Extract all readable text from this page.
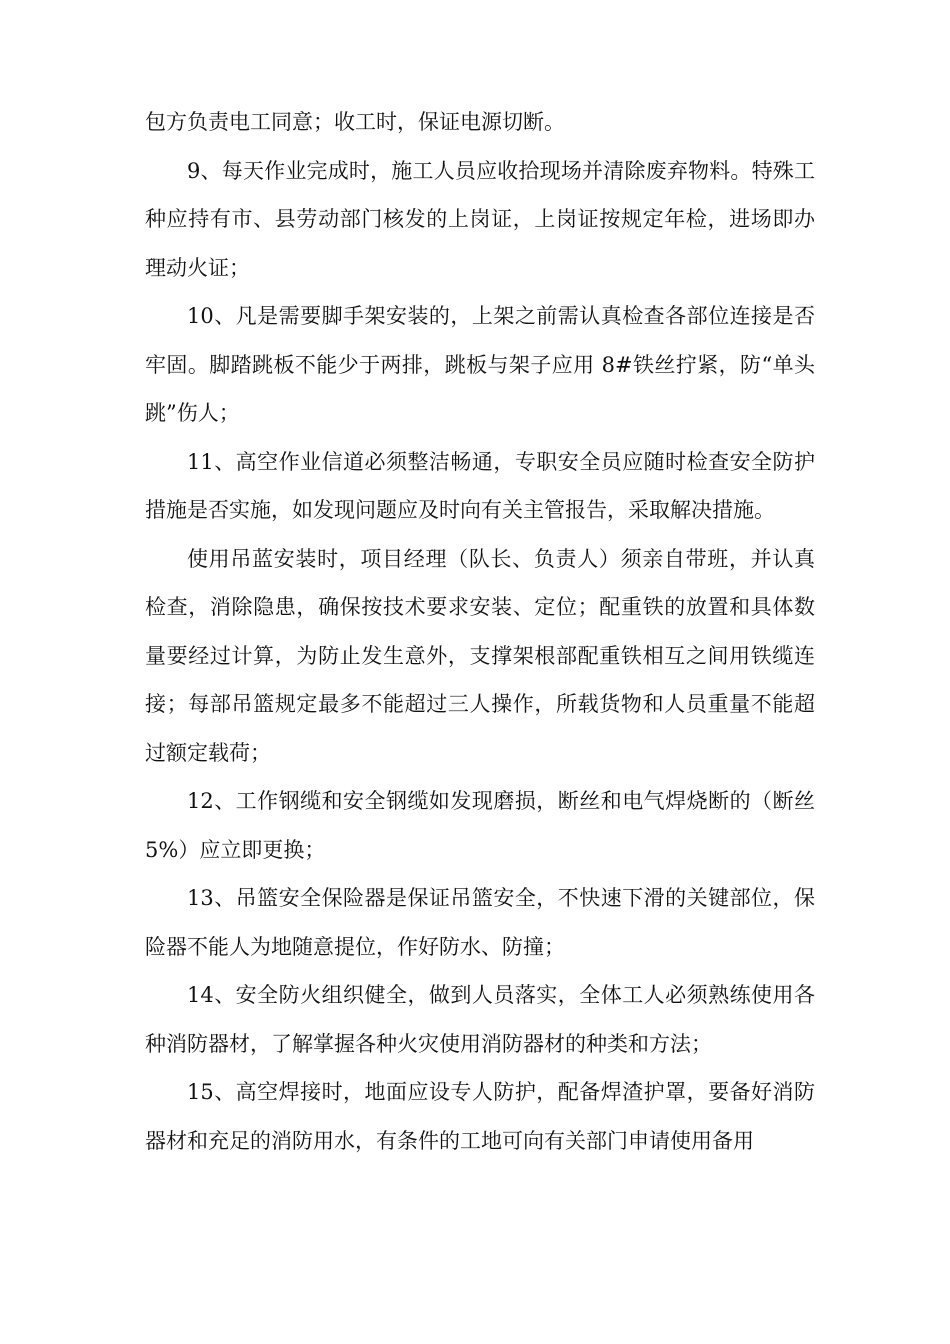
包方负责电工同意；收工时，保证电源切断。

9、每天作业完成时，施工人员应收拾现场并清除废弃物料。特殊工种应持有市、县劳动部门核发的上岗证，上岗证按规定年检，进场即办理动火证；

10、凡是需要脚手架安装的，上架之前需认真检查各部位连接是否牢固。脚踏跳板不能少于两排，跳板与架子应用 8#铁丝拧紧，防“单头跳”伤人；

11、高空作业信道必须整洁畅通，专职安全员应随时检查安全防护措施是否实施，如发现问题应及时向有关主管报告，采取解决措施。

使用吊蓝安装时，项目经理（队长、负责人）须亲自带班，并认真检查，消除隐患，确保按技术要求安装、定位；配重铁的放置和具体数量要经过计算，为防止发生意外，支撑架根部配重铁相互之间用铁缆连接；每部吊篮规定最多不能超过三人操作，所载货物和人员重量不能超过额定载荷；

12、工作钢缆和安全钢缆如发现磨损，断丝和电气焊烧断的（断丝 5%）应立即更换；

13、吊篮安全保险器是保证吊篮安全，不快速下滑的关键部位，保险器不能人为地随意提位，作好防水、防撞；

14、安全防火组织健全，做到人员落实，全体工人必须熟练使用各种消防器材，了解掌握各种火灾使用消防器材的种类和方法；

15、高空焊接时，地面应设专人防护，配备焊渣护罩，要备好消防器材和充足的消防用水，有条件的工地可向有关部门申请使用备用
